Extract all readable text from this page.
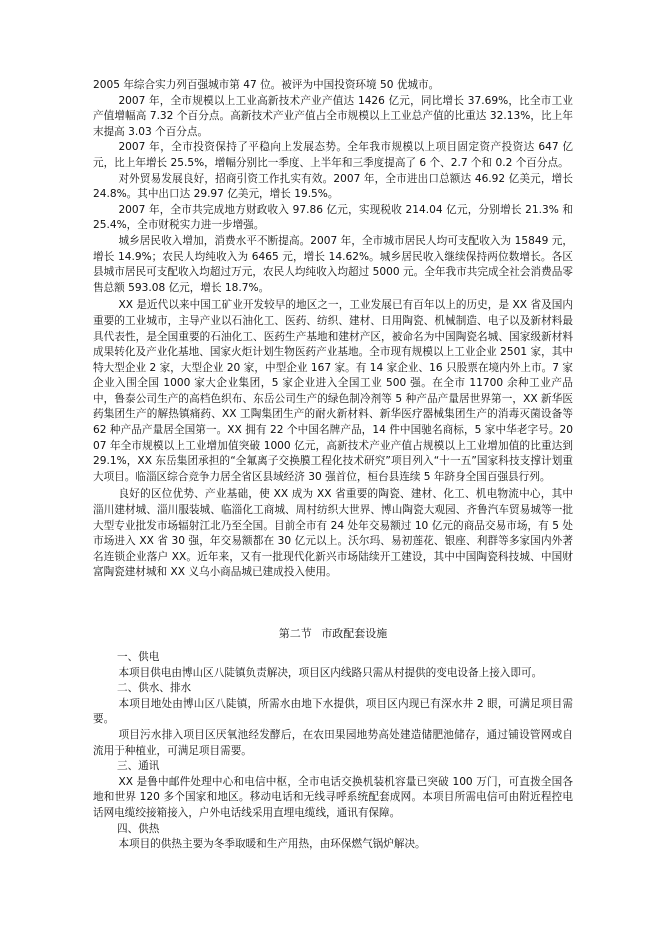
2005 年综合实力列百强城市第 47 位。被评为中国投资环境 50 优城市。

2007 年，全市规模以上工业高新技术产业产值达 1426 亿元，同比增长 37.69%，比全市工业产值增幅高 7.32 个百分点。高新技术产业产值占全市规模以上工业总产值的比重达 32.13%，比上年末提高 3.03 个百分点。

2007 年，全市投资保持了平稳向上发展态势。全年我市规模以上项目固定资产投资达 647 亿元，比上年增长 25.5%，增幅分别比一季度、上半年和三季度提高了 6 个、2.7 个和 0.2 个百分点。

对外贸易发展良好，招商引资工作扎实有效。2007 年，全市进出口总额达 46.92 亿美元，增长 24.8%。其中出口达 29.97 亿美元，增长 19.5%。

2007 年，全市共完成地方财政收入 97.86 亿元，实现税收 214.04 亿元，分别增长 21.3% 和 25.4%，全市财税实力进一步增强。

城乡居民收入增加，消费水平不断提高。2007 年，全市城市居民人均可支配收入为 15849 元，增长 14.9%；农民人均纯收入为 6465 元，增长 14.62%。城乡居民收入继续保持两位数增长。各区县城市居民可支配收入均超过万元，农民人均纯收入均超过 5000 元。全年我市共完成全社会消费品零售总额 593.08 亿元，增长 18.7%。

XX 是近代以来中国工矿业开发较早的地区之一，工业发展已有百年以上的历史，是 XX 省及国内重要的工业城市，主导产业以石油化工、医药、纺织、建材、日用陶瓷、机械制造、电子以及新材料最具代表性，是全国重要的石油化工、医药生产基地和建材产区，被命名为中国陶瓷名城、国家级新材料成果转化及产业化基地、国家火炬计划生物医药产业基地。全市现有规模以上工业企业 2501 家，其中特大型企业 2 家，大型企业 20 家，中型企业 167 家。有 14 家企业、16 只股票在境内外上市。7 家企业入围全国 1000 家大企业集团，5 家企业进入全国工业 500 强。在全市 11700 余种工业产品中，鲁泰公司生产的高档色织布、东岳公司生产的绿色制冷剂等 5 种产品产量居世界第一，XX 新华医药集团生产的解热镇痛药、XX 工陶集团生产的耐火新材料、新华医疗器械集团生产的消毒灭菌设备等 62 种产品产量居全国第一。XX 拥有 22 个中国名牌产品，14 件中国驰名商标，5 家中华老字号。2007 年全市规模以上工业增加值突破 1000 亿元，高新技术产业产值占规模以上工业增加值的比重达到 29.1%，XX 东岳集团承担的“全氟离子交换膜工程化技术研究”项目列入“十一五”国家科技支撑计划重大项目。临淄区综合竞争力居全省区县域经济 30 强首位，桓台县连续 5 年跻身全国百强县行列。

良好的区位优势、产业基础，使 XX 成为 XX 省重要的陶瓷、建材、化工、机电物流中心，其中淄川建材城、淄川服装城、临淄化工商城、周村纺织大世界、博山陶瓷大观园、齐鲁汽车贸易城等一批大型专业批发市场辐射江北乃至全国。目前全市有 24 处年交易额过 10 亿元的商品交易市场，有 5 处市场进入 XX 省 30 强，年交易额都在 30 亿元以上。沃尔玛、易初莲花、银座、利群等多家国内外著名连锁企业落户 XX。近年来，又有一批现代化新兴市场陆续开工建设，其中中国陶瓷科技城、中国财富陶瓷建材城和 XX 义乌小商品城已建成投入使用。

第二节 市政配套设施

一、供电

本项目供电由博山区八陡镇负责解决，项目区内线路只需从村提供的变电设备上接入即可。

二、供水、排水

本项目地处由博山区八陡镇，所需水由地下水提供，项目区内现已有深水井 2 眼，可满足项目需要。

项目污水排入项目区厌氧池经发酵后，在农田果园地势高处建造储肥池储存，通过铺设管网或自流用于种植业，可满足项目需要。

三、通讯

XX 是鲁中邮件处理中心和电信中枢，全市电话交换机装机容量已突破 100 万门，可直拨全国各地和世界 120 多个国家和地区。移动电话和无线寻呼系统配套成网。本项目所需电信可由附近程控电话网电缆绞接箱接入，户外电话线采用直埋电缆线，通讯有保障。

四、供热

本项目的供热主要为冬季取暖和生产用热，由环保燃气锅炉解决。
